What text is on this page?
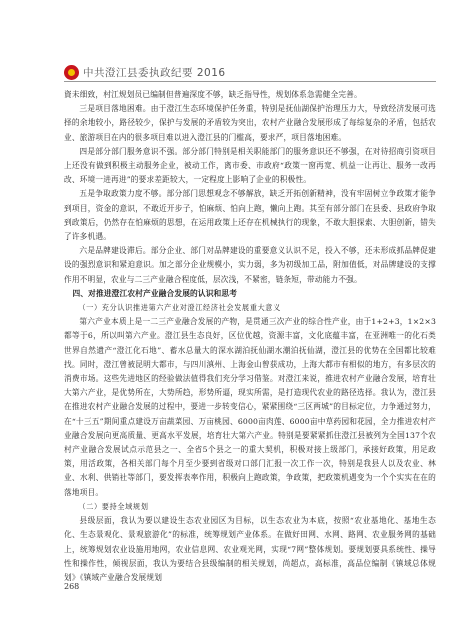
中共澄江县委执政纪要 2016

資未细致，村江规划员已编制但普遍深度不够，缺乏指导性，规划体系急需健全完善。

三是项目落地困难。由于澄江生态环境保护任务重，特别是抚仙湖保护治理压力大，导致经济发展可选择的余地较小，路径较少，保护与发展的矛盾较为突出，农村产业融合发展形成了每综复杂的矛盾，包括农业、旅游项目在内的很多项目难以进入澄江县的门槛高，要求严，项目落地困难。

四是部分部门服务意识不强。部分部门特别是相关职能部门的服务意识还不够强，在对待招商引资项目上还没有做到积极主动服务企业，被动工作，离市委、市政府“政策一窗再宽、机益一让再让、服务一改再改、环境一进再进”的要求差距较大，一定程度上影响了企业的积极性。

五是争取政策力度不够。部分部门思想观念不够解放，缺乏开拓创新精神，没有牢固树立争政策才能争到项目，资金的意识，不敢近开步子，怕麻烦、怕向上跑，懒向上跑。其至有部分部门在县委、县政府争取到政策后，仍然存在怕麻烦的思想，在运用政策上还存在机械执行的现象，不敢大胆探索、大胆创新，错失了许多机遇。

六是品牌建设滞后。部分企业、部门对品牌建设的重要意义认识不足，投入不够，还未形成抓品牌促建设的强烈意识和紧迫意识。加之部分企业规模小，实力弱，多为初级加工品，附加值低，对品牌建设的支撑作用不明显，农业与二三产业融合程度低，层次浅，不紧密，链条短，带动能力不强。

四、对推进澄江农村产业融合发展的认识和思考

（一）充分认识推进第六产业对澄江经济社会发展重大意义

第六产业本质上是一二三产业融合发展的产物，是贯通三次产业的综合性产业，由于1+2+3，1×2×3都等于6，所以叫第六产业。澄江县生态良好，区位优越，资源丰富，文化底蕴丰富，在亚洲唯一的化石类世界自然遗产“澄江化石地”、蓄水总量大的深水湖泊抚仙湖水潮泊抚仙湖，澄江县的优势在全国都比较难找。同时，澄江曾被昆明大都市，与四川滇州、上海金山曾获成功，上海大都市有相似的地方，有多层次的消费市场。这些先进地区的经验做法值得我们充分学习借鉴。对澄江来说，推进农村产业融合发展，培育壮大第六产业，是优势所在，大势所趋，形势所逼，现实所需，是打造现代农业的路径选择。我认为，澄江县在推进农村产业融合发展的过程中，要进一步转变信心，紧紧围绕“三区两城”的目标定位，力争通过努力，在“十三五”期间重点建设万亩蔬菜园、万亩桃园、6000亩肉莲、6000亩中草药园和花园，全力推进农村产业融合发展向更高质量、更高水平发展，培育壮大第六产业。特别是要紧紧抓住澄江县被列为全国137个农村产业融合发展试点示范县之一、全省5个县之一的重大契机，积极对接上级部门，承接好政策，用足政策，用活政策，各相关部门每个月至少要到省级对口部门汇报一次工作一次，特别是我县人以及农业、林业、水利、供销社等部门，要发挥表率作用，积极向上跑政策，争政策，把政策机遇变为一个个实实在在的落地项目。

（二）要持全域规划

县级层面，我认为要以建设生态农业园区为目标，以生态农业为本底，按照“农业基地化、基地生态化、生态景观化、景观旅游化”的标准，统筹规划产业体系。在做好田网、水网、路网、农业服务网的基础上，统筹规划农业设施用地网，农业信息网、农业观光网，实现“7网”整体规划。要规划要具系统性、操导性和操作性，倾视层面，我认为要结合县级编制的相关规划，尚超点，高标准，高品位编制《镇域总体规划》《镇域产业融合发展规划

268
